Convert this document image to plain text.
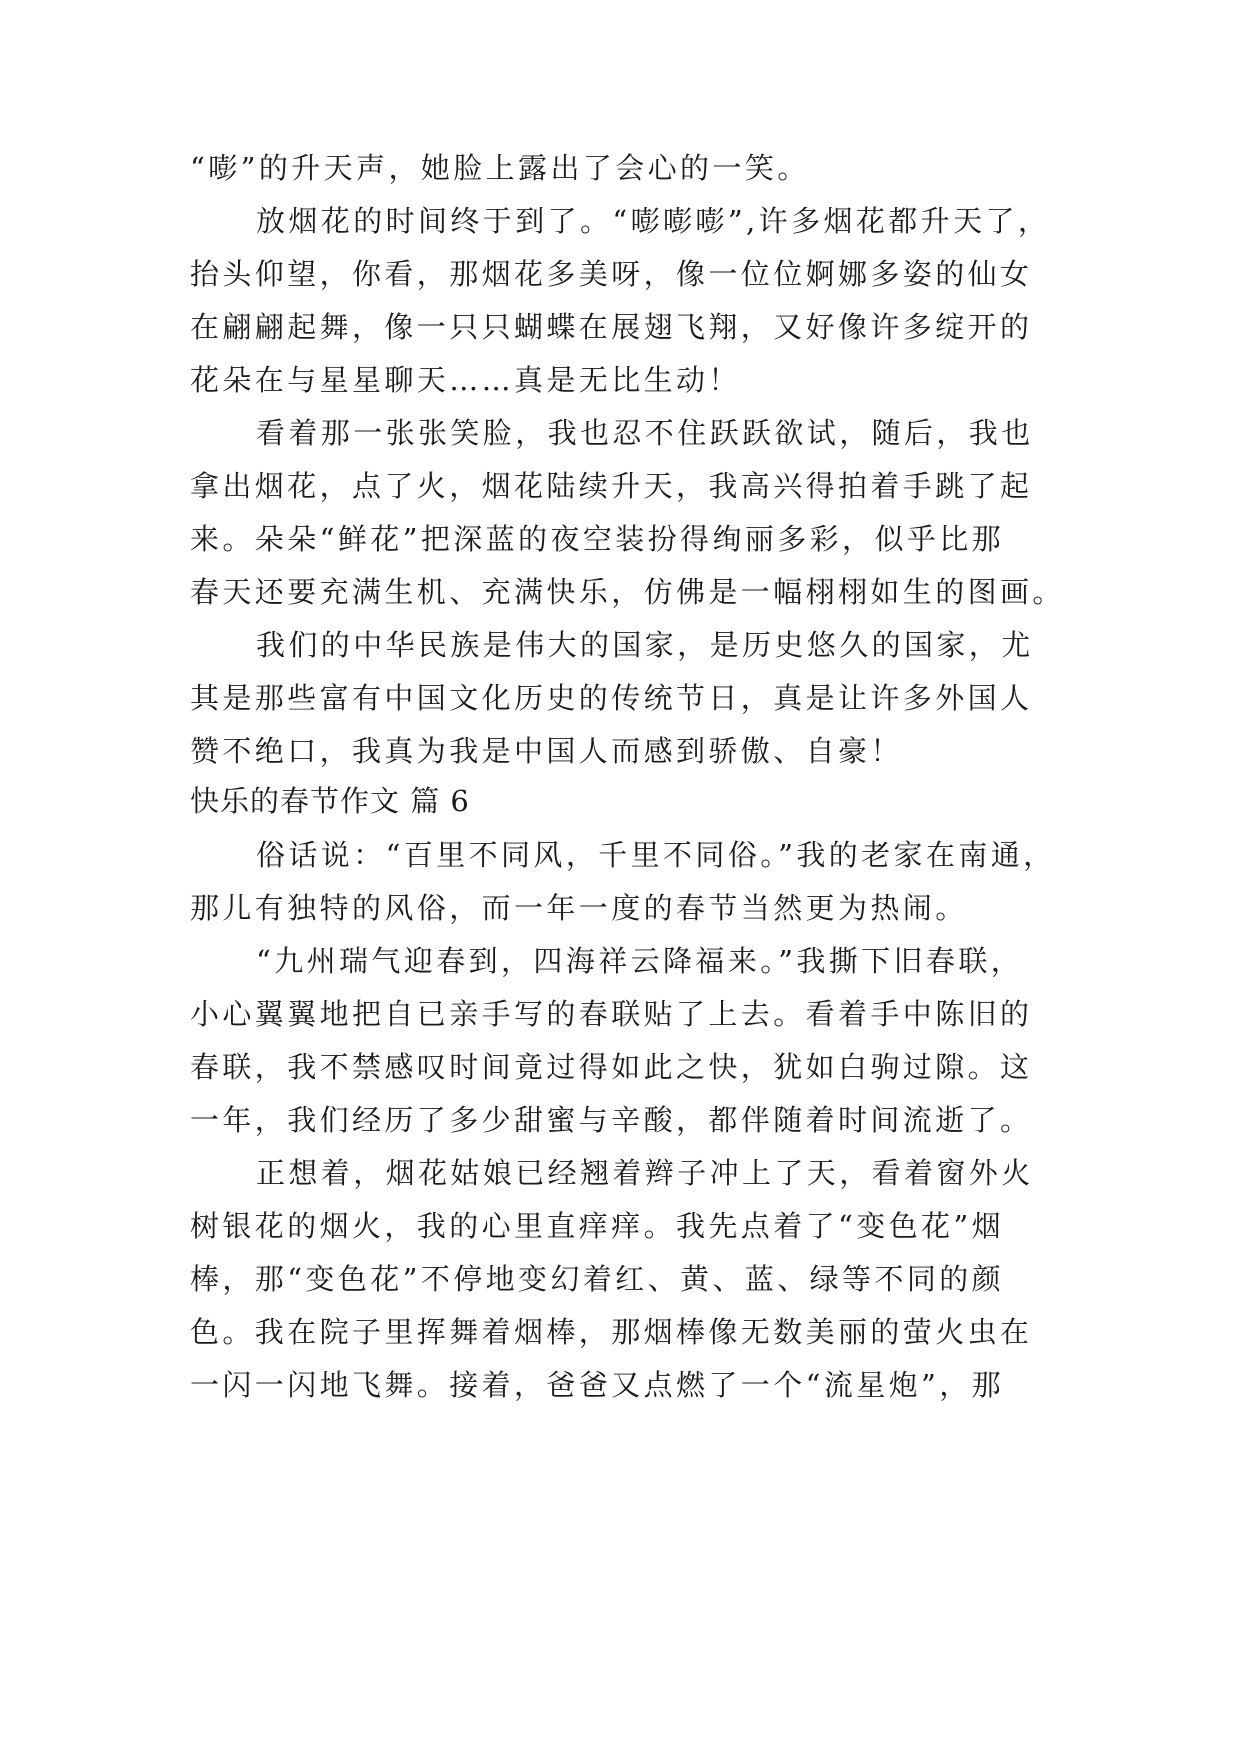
“嘭”的升天声，她脸上露出了会心的一笑。
放烟花的时间终于到了。“嘭嘭嘭”,许多烟花都升天了，
抬头仰望，你看，那烟花多美呀，像一位位婀娜多姿的仙女
在翩翩起舞，像一只只蝴蝶在展翅飞翔，又好像许多绽开的
花朵在与星星聊天……真是无比生动！
看着那一张张笑脸，我也忍不住跃跃欲试，随后，我也
拿出烟花，点了火，烟花陆续升天，我高兴得拍着手跳了起
来。朵朵“鲜花”把深蓝的夜空装扮得绚丽多彩，似乎比那
春天还要充满生机、充满快乐，仿佛是一幅栩栩如生的图画。
我们的中华民族是伟大的国家，是历史悠久的国家，尤
其是那些富有中国文化历史的传统节日，真是让许多外国人
赞不绝口，我真为我是中国人而感到骄傲、自豪！
快乐的春节作文 篇 6
俗话说：“百里不同风，千里不同俗。”我的老家在南通，
那儿有独特的风俗，而一年一度的春节当然更为热闹。
“九州瑞气迎春到，四海祥云降福来。”我撕下旧春联，
小心翼翼地把自已亲手写的春联贴了上去。看着手中陈旧的
春联，我不禁感叹时间竟过得如此之快，犹如白驹过隙。这
一年，我们经历了多少甜蜜与辛酸，都伴随着时间流逝了。
正想着，烟花姑娘已经翘着辫子冲上了天，看着窗外火
树银花的烟火，我的心里直痒痒。我先点着了“变色花”烟
棒，那“变色花”不停地变幻着红、黄、蓝、绿等不同的颜
色。我在院子里挥舞着烟棒，那烟棒像无数美丽的萤火虫在
一闪一闪地飞舞。接着，爸爸又点燃了一个“流星炮”，那
